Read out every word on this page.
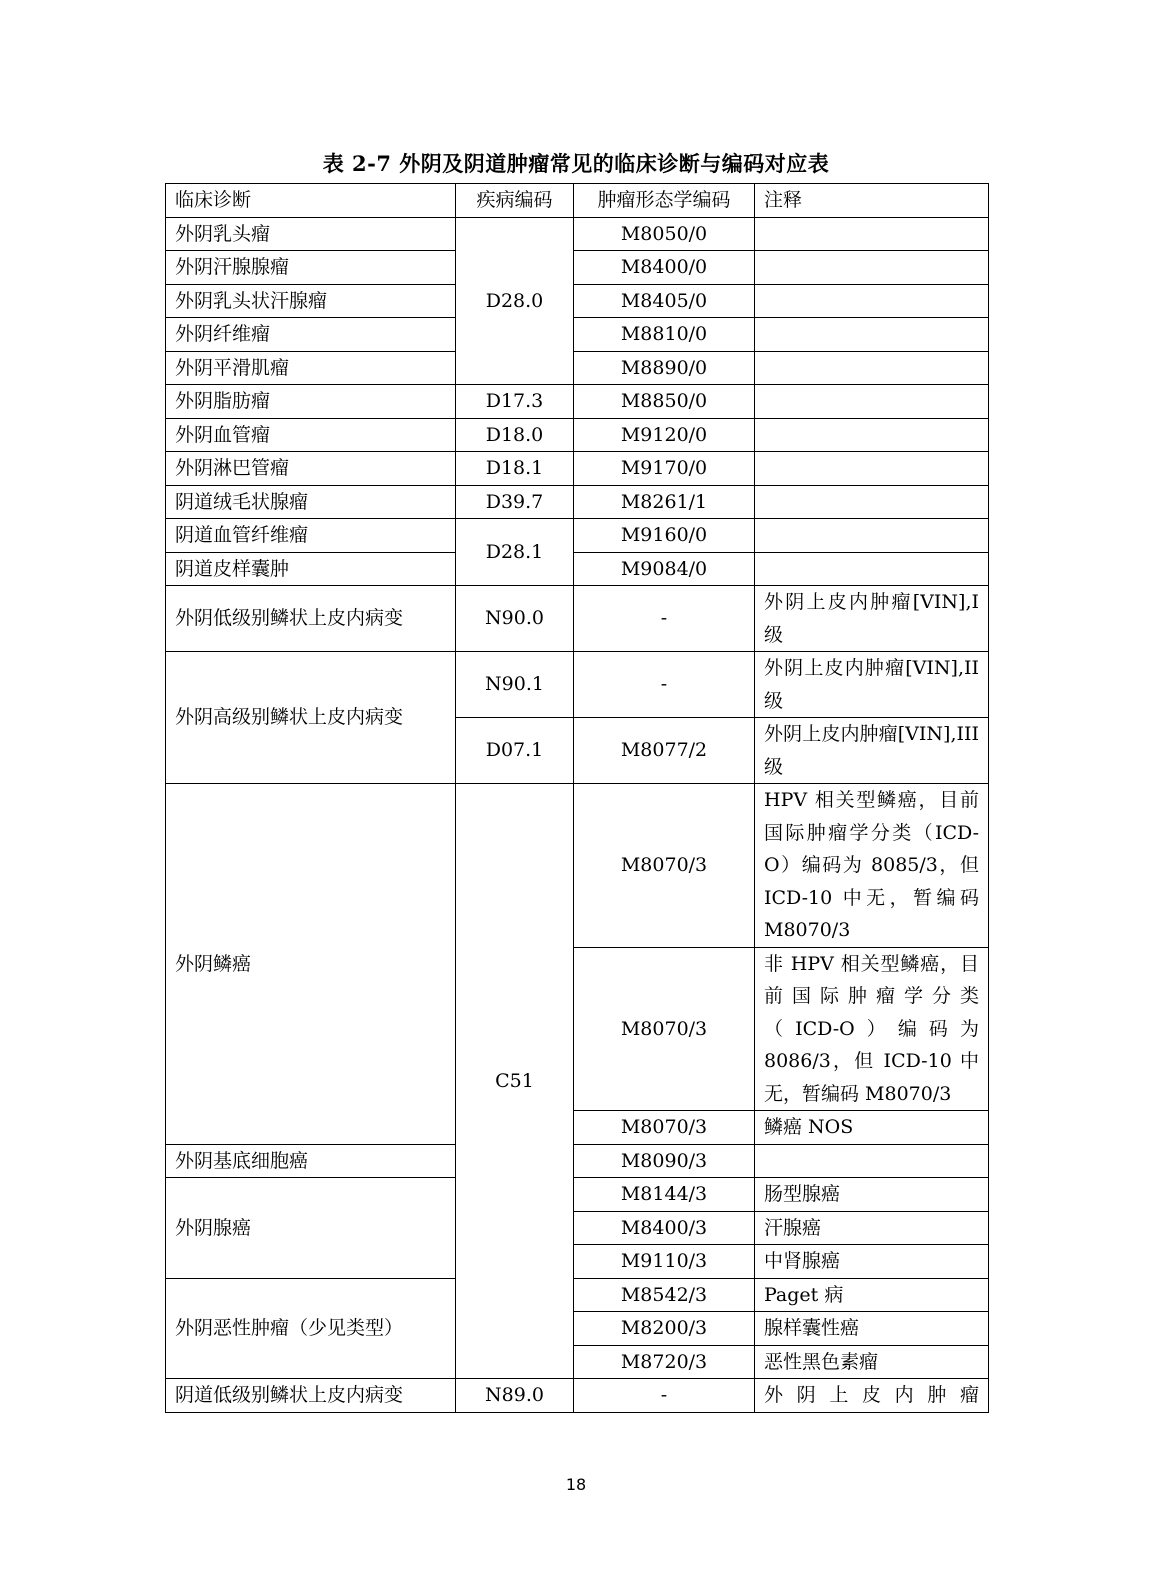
表 2-7 外阴及阴道肿瘤常见的临床诊断与编码对应表
临床诊断	疾病编码	肿瘤形态学编码	注释
外阴乳头瘤	D28.0	M8050/0	
外阴汗腺腺瘤		M8400/0	
外阴乳头状汗腺瘤		M8405/0	
外阴纤维瘤		M8810/0	
外阴平滑肌瘤		M8890/0	
外阴脂肪瘤	D17.3	M8850/0	
外阴血管瘤	D18.0	M9120/0	
外阴淋巴管瘤	D18.1	M9170/0	
阴道绒毛状腺瘤	D39.7	M8261/1	
阴道血管纤维瘤	D28.1	M9160/0	
阴道皮样囊肿		M9084/0	
外阴低级别鳞状上皮内病变	N90.0	-	外阴上皮内肿瘤[VIN],I级
外阴高级别鳞状上皮内病变	N90.1	-	外阴上皮内肿瘤[VIN],II级
	D07.1	M8077/2	外阴上皮内肿瘤[VIN],III级
外阴鳞癌	C51	M8070/3	HPV 相关型鳞癌，目前国际肿瘤学分类（ICD-O）编码为 8085/3，但 ICD-10 中无，暂编码 M8070/3
		M8070/3	非 HPV 相关型鳞癌，目前国际肿瘤学分类（ICD-O）编码为 8086/3，但 ICD-10 中无，暂编码 M8070/3
		M8070/3	鳞癌 NOS
外阴基底细胞癌		M8090/3	
外阴腺癌		M8144/3	肠型腺癌
		M8400/3	汗腺癌
		M9110/3	中肾腺癌
外阴恶性肿瘤（少见类型）		M8542/3	Paget 病
		M8200/3	腺样囊性癌
		M8720/3	恶性黑色素瘤
阴道低级别鳞状上皮内病变	N89.0	-	外阴上皮内肿瘤
18
